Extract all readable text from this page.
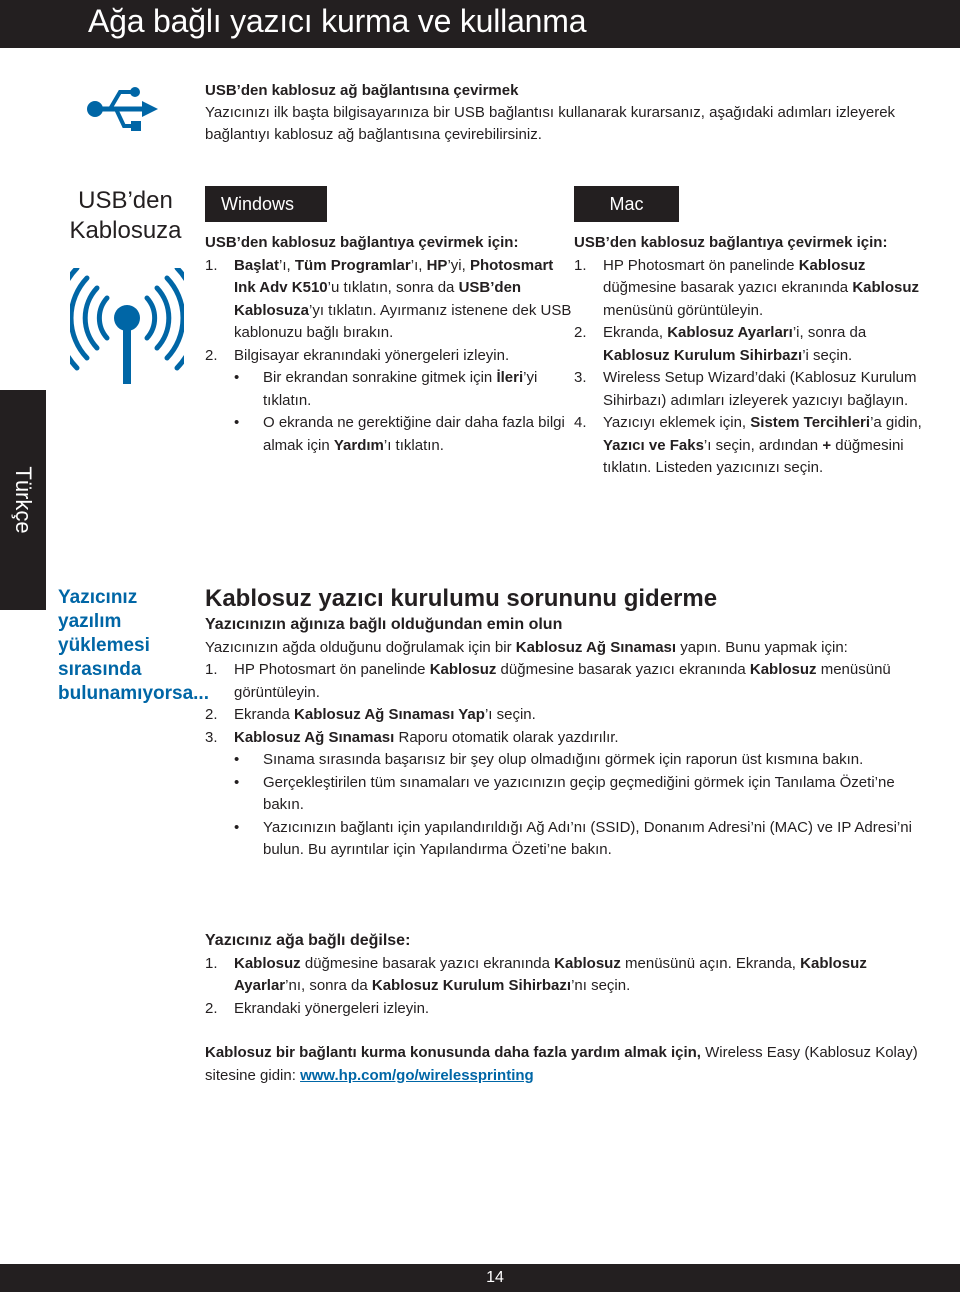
Ağa bağlı yazıcı kurma ve kullanma
USB’den kablosuz ağ bağlantısına çevirmek
Yazıcınızı ilk başta bilgisayarınıza bir USB bağlantısı kullanarak kurarsanız, aşağıdaki adımları izleyerek bağlantıyı kablosuz ağ bağlantısına çevirebilirsiniz.
USB’den
Kablosuza
Türkçe
Windows
USB’den kablosuz bağlantıya çevirmek için:
1. Başlat’ı, Tüm Programlar’ı, HP’yi, Photosmart Ink Adv K510’u tıklatın, sonra da USB’den Kablosuza’yı tıklatın. Ayırmanız istenene dek USB kablonuzu bağlı bırakın.
2. Bilgisayar ekranındaki yönergeleri izleyin.
• Bir ekrandan sonrakine gitmek için İleri’yi tıklatın.
• O ekranda ne gerektiğine dair daha fazla bilgi almak için Yardım’ı tıklatın.
Mac
USB’den kablosuz bağlantıya çevirmek için:
1. HP Photosmart ön panelinde Kablosuz düğmesine basarak yazıcı ekranında Kablosuz menüsünü görüntüleyin.
2. Ekranda, Kablosuz Ayarları’i, sonra da Kablosuz Kurulum Sihirbazı’i seçin.
3. Wireless Setup Wizard’daki (Kablosuz Kurulum Sihirbazı) adımları izleyerek yazıcıyı bağlayın.
4. Yazıcıyı eklemek için, Sistem Tercihleri’a gidin, Yazıcı ve Faks’ı seçin, ardından + düğmesini tıklatın. Listeden yazıcınızı seçin.
Yazıcınız yazılım yüklemesi sırasında bulunamıyorsa...
Kablosuz yazıcı kurulumu sorununu giderme
Yazıcınızın ağınıza bağlı olduğundan emin olun
Yazıcınızın ağda olduğunu doğrulamak için bir Kablosuz Ağ Sınaması yapın. Bunu yapmak için:
1. HP Photosmart ön panelinde Kablosuz düğmesine basarak yazıcı ekranında Kablosuz menüsünü görüntüleyin.
2. Ekranda Kablosuz Ağ Sınaması Yap’ı seçin.
3. Kablosuz Ağ Sınaması Raporu otomatik olarak yazdırılır.
• Sınama sırasında başarısız bir şey olup olmadığını görmek için raporun üst kısmına bakın.
• Gerçekleştirilen tüm sınamaları ve yazıcınızın geçip geçmediğini görmek için Tanılama Özeti’ne bakın.
• Yazıcınızın bağlantı için yapılandırıldığı Ağ Adı’nı (SSID), Donanım Adresi’ni (MAC) ve IP Adresi’ni bulun. Bu ayrıntılar için Yapılandırma Özeti’ne bakın.
Yazıcınız ağa bağlı değilse:
1. Kablosuz düğmesine basarak yazıcı ekranında Kablosuz menüsünü açın. Ekranda, Kablosuz Ayarlar’nı, sonra da Kablosuz Kurulum Sihirbazı’nı seçin.
2. Ekrandaki yönergeleri izleyin.
Kablosuz bir bağlantı kurma konusunda daha fazla yardım almak için, Wireless Easy (Kablosuz Kolay) sitesine gidin: www.hp.com/go/wirelessprinting
14
